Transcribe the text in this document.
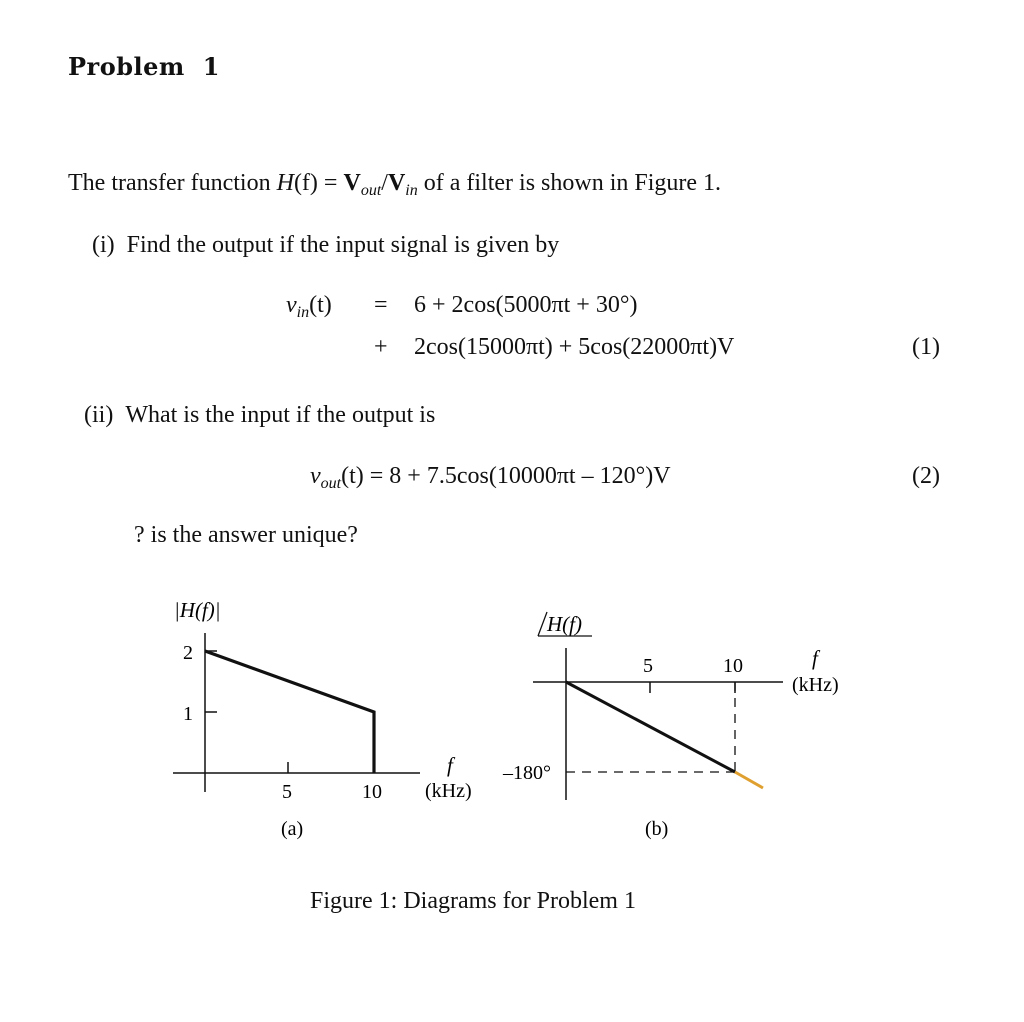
Problem 1
The transfer function $H(f) = V_{out}/V_{in}$ of a filter is shown in Figure 1.
(i) Find the output if the input signal is given by
$v_{in}(t) = 6 + 2\cos(5000\pi t + 30^\circ)$
+ 2cos(15000πt) + 5cos(22000πt)V	(1)
(ii) What is the input if the output is
$v_{out}(t) = 8 + 7.5\cos(10000\pi t - 120^\circ)V$	(2)
? is the answer unique?
|H(f)|
2
1
5	10
f
(kHz)
(a)
H(f)
5	10
–180°
f
(kHz)
(b)
Figure 1: Diagrams for Problem 1
